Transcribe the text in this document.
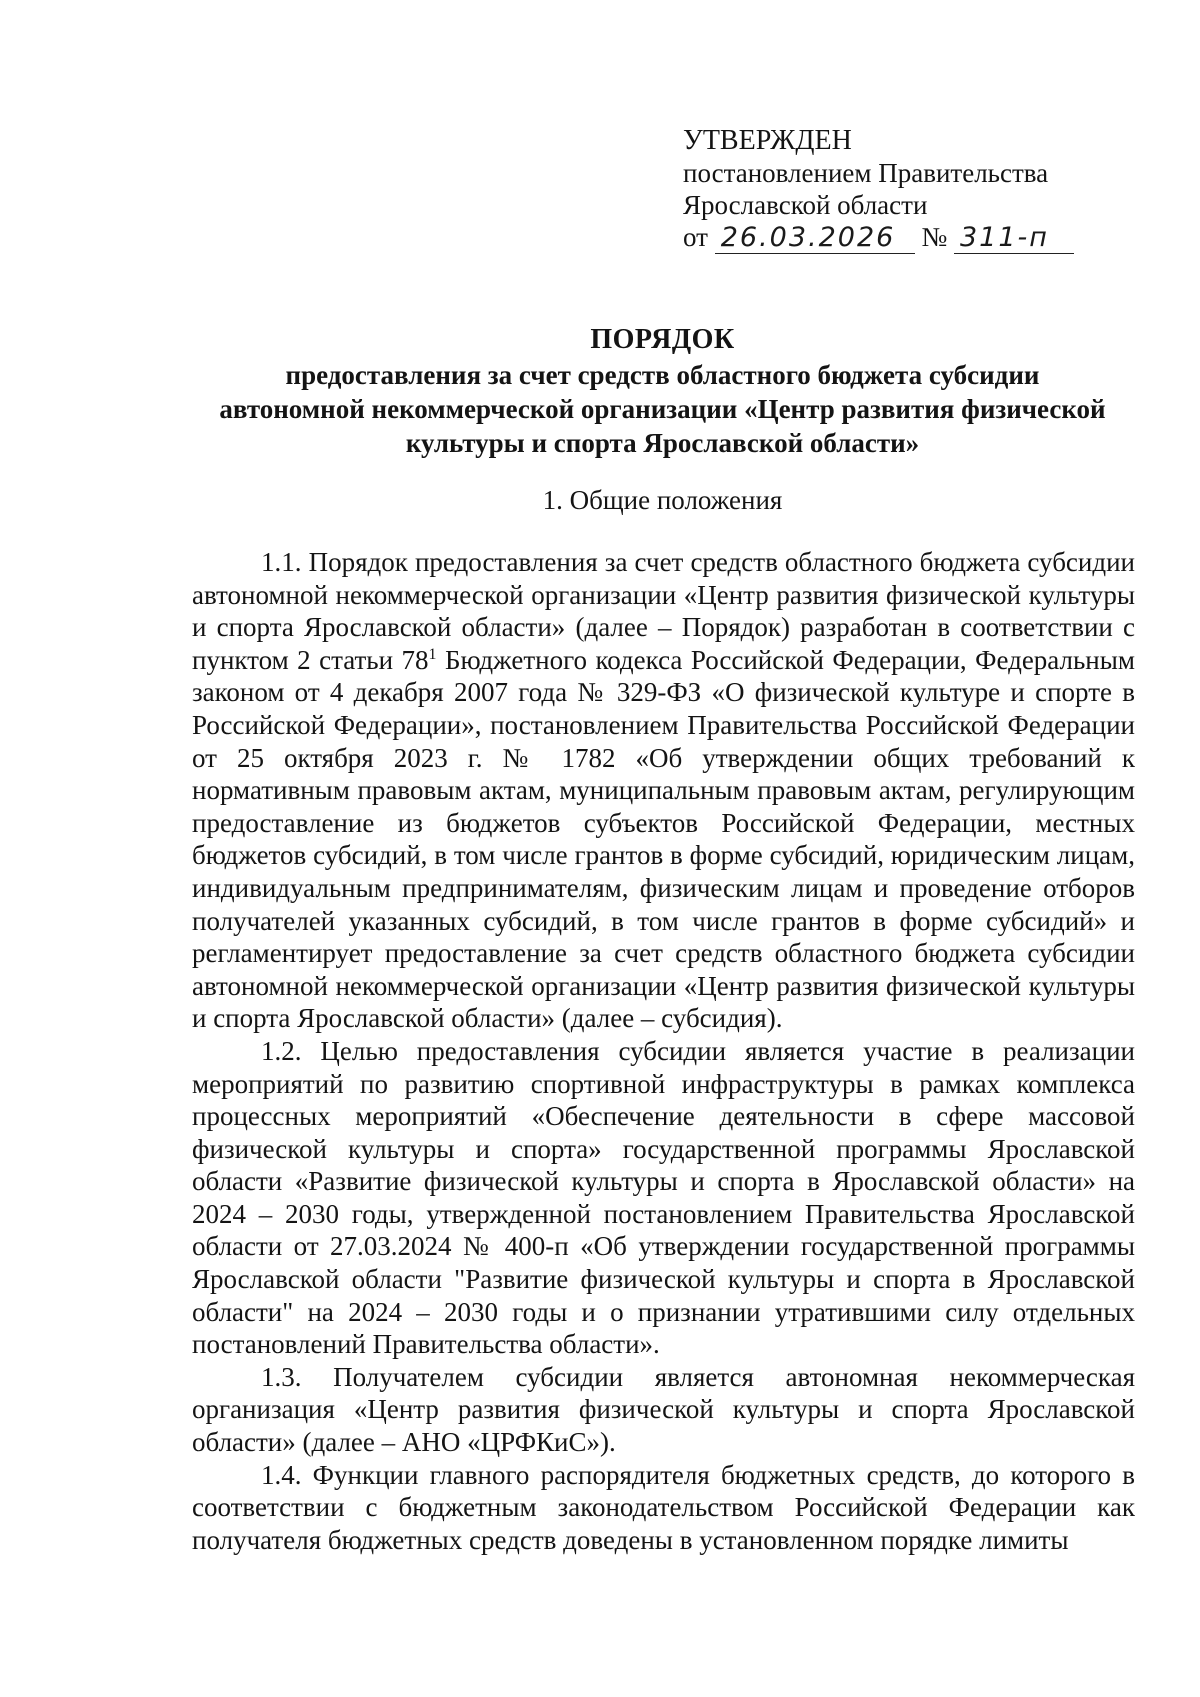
УТВЕРЖДЕН
постановлением Правительства
Ярославской области
от 26.03.2026 № 311-п
ПОРЯДОК
предоставления за счет средств областного бюджета субсидии
автономной некоммерческой организации «Центр развития физической
культуры и спорта Ярославской области»
1. Общие положения

1.1. Порядок предоставления за счет средств областного бюджета субсидии автономной некоммерческой организации «Центр развития физической культуры и спорта Ярославской области» (далее – Порядок) разработан в соответствии с пунктом 2 статьи $78^1$ Бюджетного кодекса Российской Федерации, Федеральным законом от 4 декабря 2007 года № 329-ФЗ «О физической культуре и спорте в Российской Федерации», постановлением Правительства Российской Федерации от 25 октября 2023 г. № 1782 «Об утверждении общих требований к нормативным правовым актам, муниципальным правовым актам, регулирующим предоставление из бюджетов субъектов Российской Федерации, местных бюджетов субсидий, в том числе грантов в форме субсидий, юридическим лицам, индивидуальным предпринимателям, физическим лицам и проведение отборов получателей указанных субсидий, в том числе грантов в форме субсидий» и регламентирует предоставление за счет средств областного бюджета субсидии автономной некоммерческой организации «Центр развития физической культуры и спорта Ярославской области» (далее – субсидия).

1.2. Целью предоставления субсидии является участие в реализации мероприятий по развитию спортивной инфраструктуры в рамках комплекса процессных мероприятий «Обеспечение деятельности в сфере массовой физической культуры и спорта» государственной программы Ярославской области «Развитие физической культуры и спорта в Ярославской области» на 2024 – 2030 годы, утвержденной постановлением Правительства Ярославской области от 27.03.2024 № 400-п «Об утверждении государственной программы Ярославской области "Развитие физической культуры и спорта в Ярославской области" на 2024 – 2030 годы и о признании утратившими силу отдельных постановлений Правительства области».

1.3. Получателем субсидии является автономная некоммерческая организация «Центр развития физической культуры и спорта Ярославской области» (далее – АНО «ЦРФКиС»).

1.4. Функции главного распорядителя бюджетных средств, до которого в соответствии с бюджетным законодательством Российской Федерации как получателя бюджетных средств доведены в установленном порядке лимиты
